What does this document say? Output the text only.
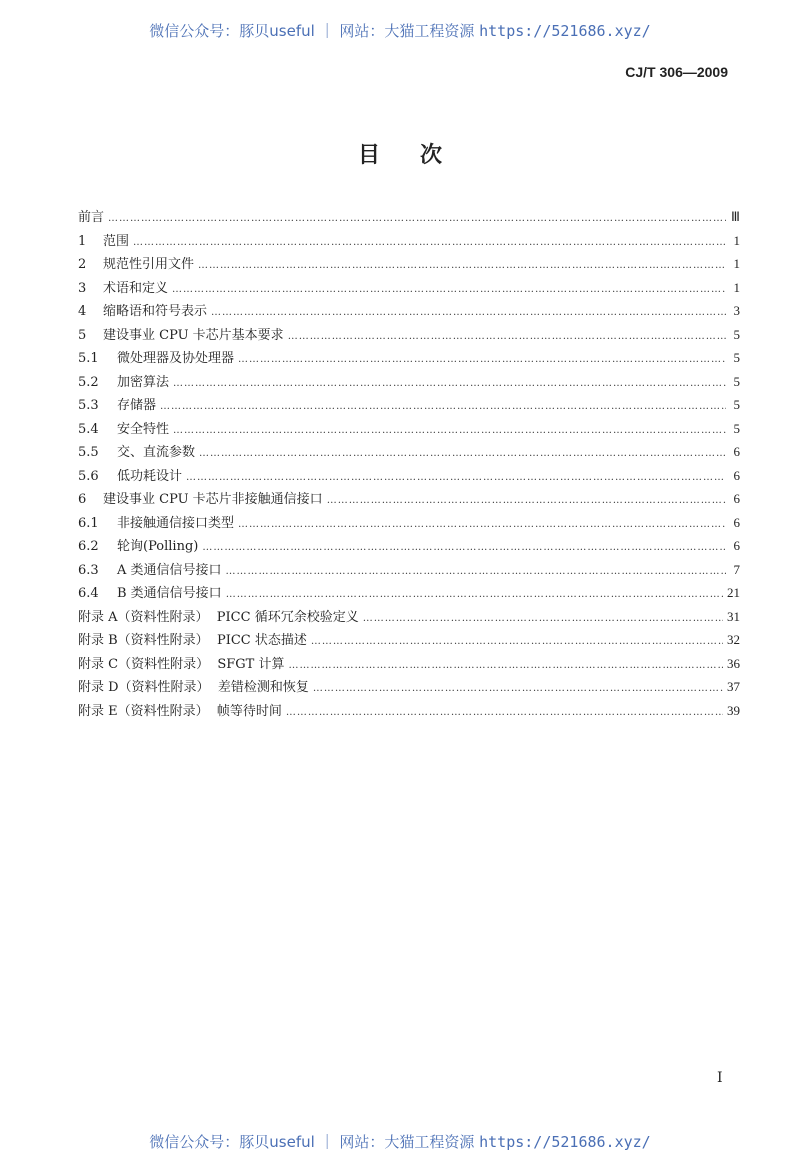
微信公众号：豚贝useful ｜ 网站：大猫工程资源 https://521686.xyz/
CJ/T 306—2009
目次
前言 ……………………………………………………………………………………………………………………………………………………………………………………	Ⅲ
1	范围 ……………………………………………………………………………………………………………………………………………………………………………………	1
2	规范性引用文件 ……………………………………………………………………………………………………………………………………………………………………………………	1
3	术语和定义 ……………………………………………………………………………………………………………………………………………………………………………………	1
4	缩略语和符号表示 ……………………………………………………………………………………………………………………………………………………………………………………	3
5	建设事业 CPU 卡芯片基本要求 ……………………………………………………………………………………………………………………………………………………………………………………	5
5.1	微处理器及协处理器 ……………………………………………………………………………………………………………………………………………………………………………………	5
5.2	加密算法 ……………………………………………………………………………………………………………………………………………………………………………………	5
5.3	存储器 ……………………………………………………………………………………………………………………………………………………………………………………	5
5.4	安全特性 ……………………………………………………………………………………………………………………………………………………………………………………	5
5.5	交、直流参数 ……………………………………………………………………………………………………………………………………………………………………………………	6
5.6	低功耗设计 ……………………………………………………………………………………………………………………………………………………………………………………	6
6	建设事业 CPU 卡芯片非接触通信接口 ……………………………………………………………………………………………………………………………………………………………………………………	6
6.1	非接触通信接口类型 ……………………………………………………………………………………………………………………………………………………………………………………	6
6.2	轮询(Polling) ……………………………………………………………………………………………………………………………………………………………………………………	6
6.3	A 类通信信号接口 ……………………………………………………………………………………………………………………………………………………………………………………	7
6.4	B 类通信信号接口 ……………………………………………………………………………………………………………………………………………………………………………………	21
附录 A（资料性附录）  PICC 循环冗余校验定义 ……………………………………………………………………………………………………………………………………………………………………………………	31
附录 B（资料性附录）  PICC 状态描述 ……………………………………………………………………………………………………………………………………………………………………………………	32
附录 C（资料性附录）  SFGT 计算 ……………………………………………………………………………………………………………………………………………………………………………………	36
附录 D（资料性附录）  差错检测和恢复 ……………………………………………………………………………………………………………………………………………………………………………………	37
附录 E（资料性附录）  帧等待时间 ……………………………………………………………………………………………………………………………………………………………………………………	39
I
微信公众号：豚贝useful ｜ 网站：大猫工程资源 https://521686.xyz/
